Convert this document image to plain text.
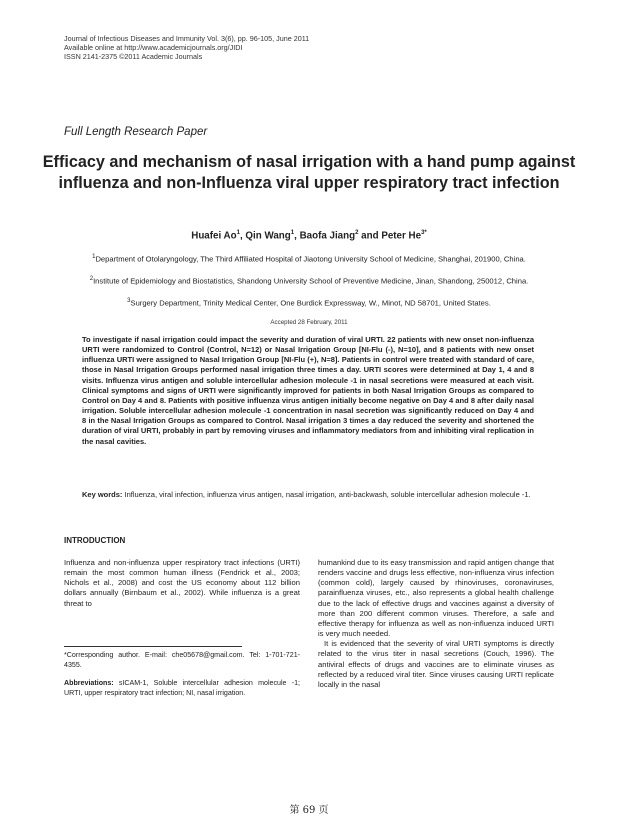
Journal of Infectious Diseases and Immunity Vol. 3(6), pp. 96-105, June 2011
Available online at http://www.academicjournals.org/JIDI
ISSN 2141-2375 ©2011 Academic Journals
Full Length Research Paper
Efficacy and mechanism of nasal irrigation with a hand pump against influenza and non-Influenza viral upper respiratory tract infection
Huafei Ao$^1$, Qin Wang$^1$, Baofa Jiang$^2$ and Peter $He^{3*}$
$^1$Department of Otolaryngology, The Third Affiliated Hospital of Jiaotong University School of Medicine, Shanghai, 201900, China.
$^2$Institute of Epidemiology and Biostatistics, Shandong University School of Preventive Medicine, Jinan, Shandong, 250012, China.
$^3$Surgery Department, Trinity Medical Center, One Burdick Expressway, W., Minot, ND 58701, United States.
Accepted 28 February, 2011
To investigate if nasal irrigation could impact the severity and duration of viral URTI. 22 patients with new onset non-influenza URTI were randomized to Control (Control, N=12) or Nasal Irrigation Group [NI-Flu (-), N=10], and 8 patients with new onset influenza URTI were assigned to Nasal Irrigation Group [NI-Flu (+), N=8]. Patients in control were treated with standard of care, those in Nasal Irrigation Groups performed nasal irrigation three times a day. URTI scores were determined at Day 1, 4 and 8 visits. Influenza virus antigen and soluble intercellular adhesion molecule -1 in nasal secretions were measured at each visit. Clinical symptoms and signs of URTI were significantly improved for patients in both Nasal Irrigation Groups as compared to Control on Day 4 and 8. Patients with positive influenza virus antigen initially become negative on Day 4 and 8 after daily nasal irrigation. Soluble intercellular adhesion molecule -1 concentration in nasal secretion was significantly reduced on Day 4 and 8 in the Nasal Irrigation Groups as compared to Control. Nasal irrigation 3 times a day reduced the severity and shortened the duration of viral URTI, probably in part by removing viruses and inflammatory mediators from and inhibiting viral replication in the nasal cavities.
Key words: Influenza, viral infection, influenza virus antigen, nasal irrigation, anti-backwash, soluble intercellular adhesion molecule -1.
INTRODUCTION
Influenza and non-influenza upper respiratory tract infections (URTI) remain the most common human illness (Fendrick et al., 2003; Nichols et al., 2008) and cost the US economy about 112 billion dollars annually (Birnbaum et al., 2002). While influenza is a great threat to

humankind due to its easy transmission and rapid antigen change that renders vaccine and drugs less effective, non-influenza virus infection (common cold), largely caused by rhinoviruses, coronaviruses, parainfluenza viruses, etc., also represents a global health challenge due to the lack of effective drugs and vaccines against a diversity of more than 200 different common viruses. Therefore, a safe and effective therapy for influenza as well as non-influenza induced URTI is very much needed.

It is evidenced that the severity of viral URTI symptoms is directly related to the virus titer in nasal secretions (Couch, 1996). The antiviral effects of drugs and vaccines are to eliminate viruses as reflected by a reduced viral titer. Since viruses causing URTI replicate locally in the nasal

*Corresponding author. E-mail: che05678@gmail.com. Tel: 1-701-721-4355.
Abbreviations: sICAM-1, Soluble intercellular adhesion molecule -1; URTI, upper respiratory tract infection; NI, nasal irrigation.
第 69 页
